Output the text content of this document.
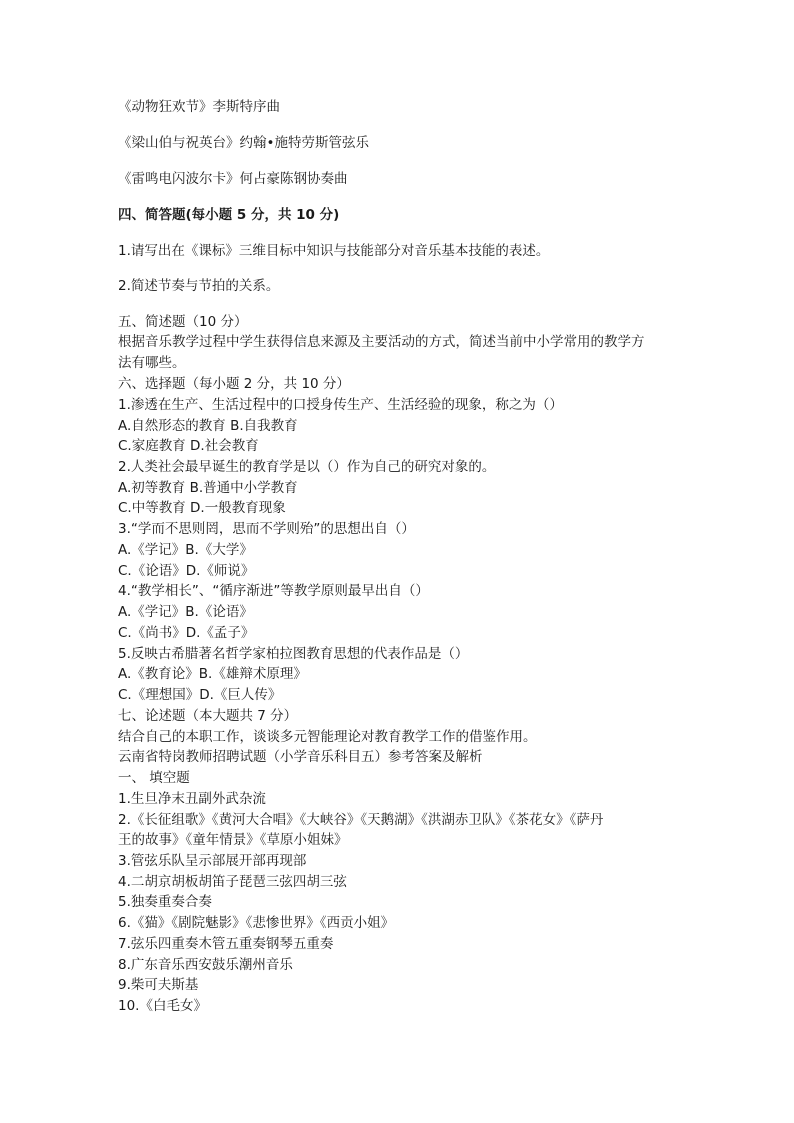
《动物狂欢节》李斯特序曲
《梁山伯与祝英台》约翰•施特劳斯管弦乐
《雷鸣电闪波尔卡》何占豪陈钢协奏曲
四、简答题(每小题 5 分，共 10 分)
1.请写出在《课标》三维目标中知识与技能部分对音乐基本技能的表述。
2.简述节奏与节拍的关系。
五、简述题（10 分）
根据音乐教学过程中学生获得信息来源及主要活动的方式，简述当前中小学常用的教学方
法有哪些。
六、选择题（每小题 2 分，共 10 分）
1.渗透在生产、生活过程中的口授身传生产、生活经验的现象，称之为（）
A.自然形态的教育 B.自我教育
C.家庭教育 D.社会教育
2.人类社会最早诞生的教育学是以（）作为自己的研究对象的。
A.初等教育 B.普通中小学教育
C.中等教育 D.一般教育现象
3.“学而不思则罔，思而不学则殆”的思想出自（）
A.《学记》B.《大学》
C.《论语》D.《师说》
4.“教学相长”、“循序渐进”等教学原则最早出自（）
A.《学记》B.《论语》
C.《尚书》D.《孟子》
5.反映古希腊著名哲学家柏拉图教育思想的代表作品是（）
A.《教育论》B.《雄辩术原理》
C.《理想国》D.《巨人传》
七、论述题（本大题共 7 分）
结合自己的本职工作，谈谈多元智能理论对教育教学工作的借鉴作用。
云南省特岗教师招聘试题（小学音乐科目五）参考答案及解析
一、 填空题
1.生旦净末丑副外武杂流
2.《长征组歌》《黄河大合唱》《大峡谷》《天鹅湖》《洪湖赤卫队》《茶花女》《萨丹
王的故事》《童年情景》《草原小姐妹》
3.管弦乐队呈示部展开部再现部
4.二胡京胡板胡笛子琵琶三弦四胡三弦
5.独奏重奏合奏
6.《猫》《剧院魅影》《悲惨世界》《西贡小姐》
7.弦乐四重奏木管五重奏钢琴五重奏
8.广东音乐西安鼓乐潮州音乐
9.柴可夫斯基
10.《白毛女》
